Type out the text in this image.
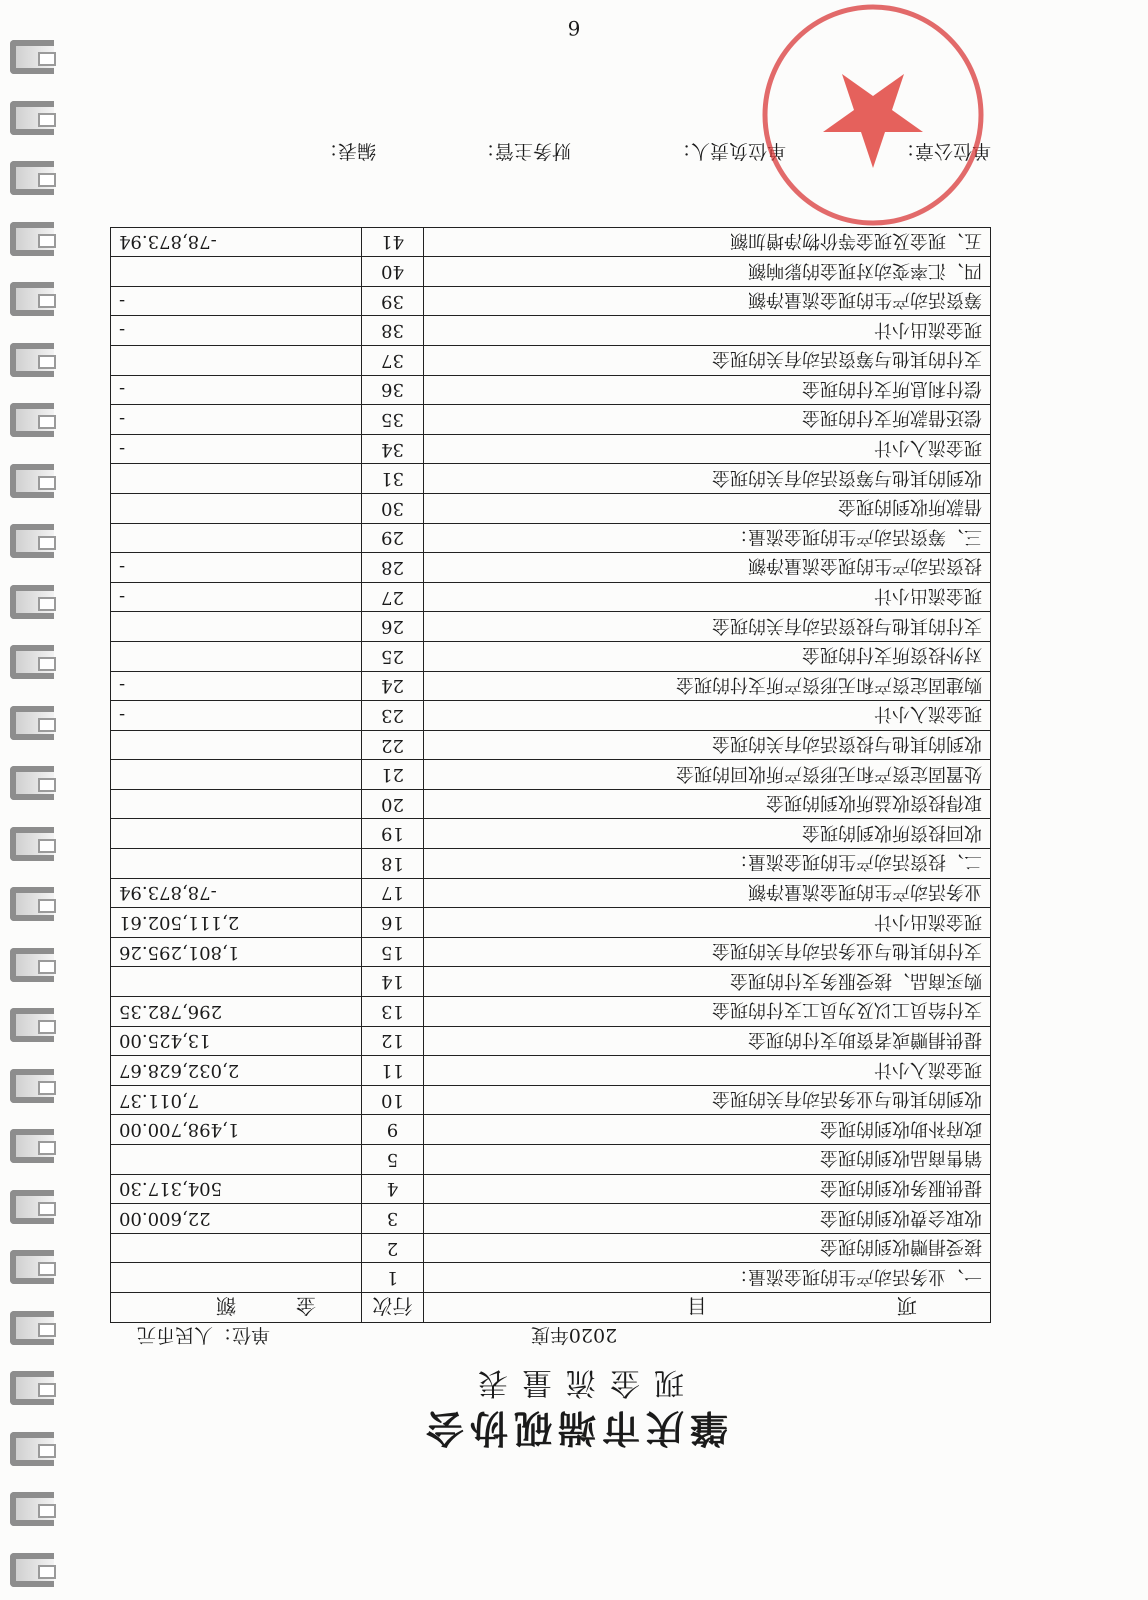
肇庆市端砚协会
现金流量表
2020年度
单位：人民币元
项目	行次	金额
一、业务活动产生的现金流量：	1	
接受捐赠收到的现金	2	
收取会费收到的现金	3	22,600.00
提供服务收到的现金	4	504,317.30
销售商品收到的现金	5	
政府补助收到的现金	9	1,498,700.00
收到的其他与业务活动有关的现金	10	7,011.37
现金流入小计	11	2,032,628.67
提供捐赠或者资助支付的现金	12	13,425.00
支付给员工以及为员工支付的现金	13	296,782.35
购买商品、接受服务支付的现金	14	
支付的其他与业务活动有关的现金	15	1,801,295.26
现金流出小计	16	2,111,502.61
业务活动产生的现金流量净额	17	-78,873.94
二、投资活动产生的现金流量：	18	
收回投资所收到的现金	19	
取得投资收益所收到的现金	20	
处置固定资产和无形资产所收回的现金	21	
收到的其他与投资活动有关的现金	22	
现金流入小计	23	-
购建固定资产和无形资产所支付的现金	24	-
对外投资所支付的现金	25	
支付的其他与投资活动有关的现金	26	
现金流出小计	27	-
投资活动产生的现金流量净额	28	-
三、筹资活动产生的现金流量：	29	
借款所收到的现金	30	
收到的其他与筹资活动有关的现金	31	
现金流入小计	34	-
偿还借款所支付的现金	35	-
偿付利息所支付的现金	36	-
支付的其他与筹资活动有关的现金	37	
现金流出小计	38	-
筹资活动产生的现金流量净额	39	-
四、汇率变动对现金的影响额	40	
五、现金及现金等价物净增加额	41	-78,873.94
单位公章：
单位负责人：
财务主管：
编表：
6
